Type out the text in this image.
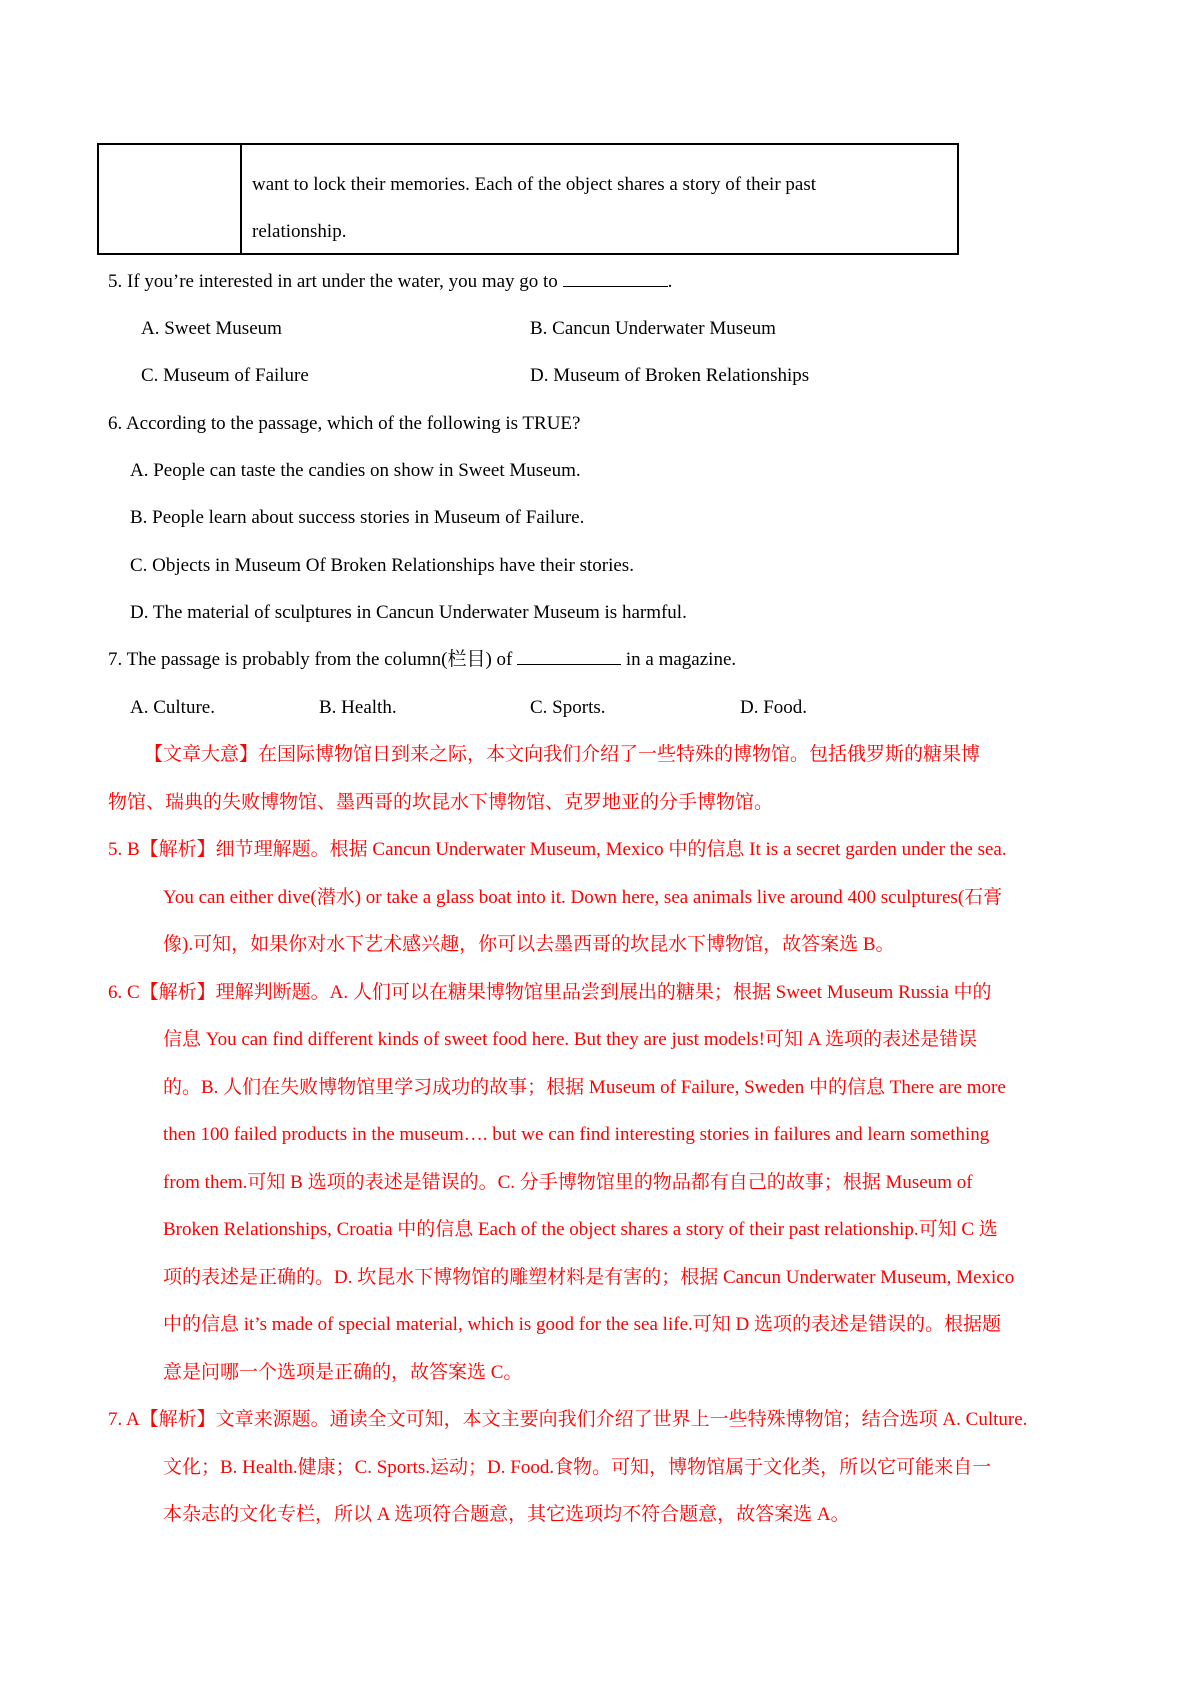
want to lock their memories. Each of the object shares a story of their past
relationship.
5. If you’re interested in art under the water, you may go to	.
A. Sweet Museum	B. Cancun Underwater Museum
C. Museum of Failure	D. Museum of Broken Relationships
6. According to the passage, which of the following is TRUE?
A. People can taste the candies on show in Sweet Museum.
B. People learn about success stories in Museum of Failure.
C. Objects in Museum Of Broken Relationships have their stories.
D. The material of sculptures in Cancun Underwater Museum is harmful.
7. The passage is probably from the column(栏目) of	in a magazine.
A. Culture.	B. Health.	C. Sports.	D. Food.
【文章大意】在国际博物馆日到来之际，本文向我们介绍了一些特殊的博物馆。包括俄罗斯的糖果博
物馆、瑞典的失败博物馆、墨西哥的坎昆水下博物馆、克罗地亚的分手博物馆。
5. B【解析】细节理解题。根据 Cancun Underwater Museum, Mexico 中的信息 It is a secret garden under the sea.
You can either dive(潜水) or take a glass boat into it. Down here, sea animals live around 400 sculptures(石膏
像).可知，如果你对水下艺术感兴趣，你可以去墨西哥的坎昆水下博物馆，故答案选 B。
6. C【解析】理解判断题。A. 人们可以在糖果博物馆里品尝到展出的糖果；根据 Sweet Museum Russia 中的
信息 You can find different kinds of sweet food here. But they are just models!可知 A 选项的表述是错误
的。B. 人们在失败博物馆里学习成功的故事；根据 Museum of Failure, Sweden 中的信息 There are more
then 100 failed products in the museum…. but we can find interesting stories in failures and learn something
from them.可知 B 选项的表述是错误的。C. 分手博物馆里的物品都有自己的故事；根据 Museum of
Broken Relationships, Croatia 中的信息 Each of the object shares a story of their past relationship.可知 C 选
项的表述是正确的。D. 坎昆水下博物馆的雕塑材料是有害的；根据 Cancun Underwater Museum, Mexico
中的信息 it’s made of special material, which is good for the sea life.可知 D 选项的表述是错误的。根据题
意是问哪一个选项是正确的，故答案选 C。
7. A【解析】文章来源题。通读全文可知，本文主要向我们介绍了世界上一些特殊博物馆；结合选项 A. Culture.
文化；B. Health.健康；C. Sports.运动；D. Food.食物。可知，博物馆属于文化类，所以它可能来自一
本杂志的文化专栏，所以 A 选项符合题意，其它选项均不符合题意，故答案选 A。
